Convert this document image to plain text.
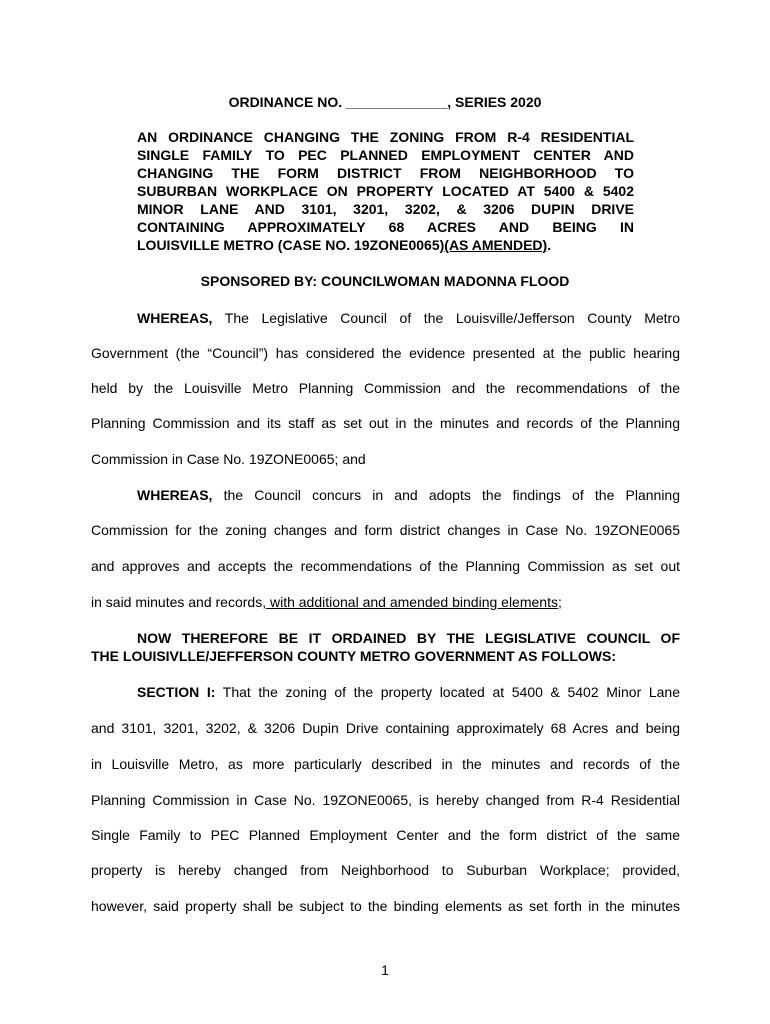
ORDINANCE NO. _____________, SERIES 2020

AN ORDINANCE CHANGING THE ZONING FROM R-4 RESIDENTIAL

SINGLE FAMILY TO PEC PLANNED EMPLOYMENT CENTER AND

CHANGING THE FORM DISTRICT FROM NEIGHBORHOOD TO

SUBURBAN WORKPLACE ON PROPERTY LOCATED AT 5400 & 5402

MINOR LANE AND 3101, 3201, 3202, & 3206 DUPIN DRIVE

CONTAINING APPROXIMATELY 68 ACRES AND BEING IN

LOUISVILLE METRO (CASE NO. 19ZONE0065)(AS AMENDED).

SPONSORED BY: COUNCILWOMAN MADONNA FLOOD

WHEREAS, The Legislative Council of the Louisville/Jefferson County Metro

Government (the “Council”) has considered the evidence presented at the public hearing

held by the Louisville Metro Planning Commission and the recommendations of the

Planning Commission and its staff as set out in the minutes and records of the Planning

Commission in Case No. 19ZONE0065; and

WHEREAS, the Council concurs in and adopts the findings of the Planning

Commission for the zoning changes and form district changes in Case No. 19ZONE0065

and approves and accepts the recommendations of the Planning Commission as set out

in said minutes and records, with additional and amended binding elements;

NOW THEREFORE BE IT ORDAINED BY THE LEGISLATIVE COUNCIL OF

THE LOUISIVLLE/JEFFERSON COUNTY METRO GOVERNMENT AS FOLLOWS:

SECTION I: That the zoning of the property located at 5400 & 5402 Minor Lane

and 3101, 3201, 3202, & 3206 Dupin Drive containing approximately 68 Acres and being

in Louisville Metro, as more particularly described in the minutes and records of the

Planning Commission in Case No. 19ZONE0065, is hereby changed from R-4 Residential

Single Family to PEC Planned Employment Center and the form district of the same

property is hereby changed from Neighborhood to Suburban Workplace; provided,

however, said property shall be subject to the binding elements as set forth in the minutes

1
